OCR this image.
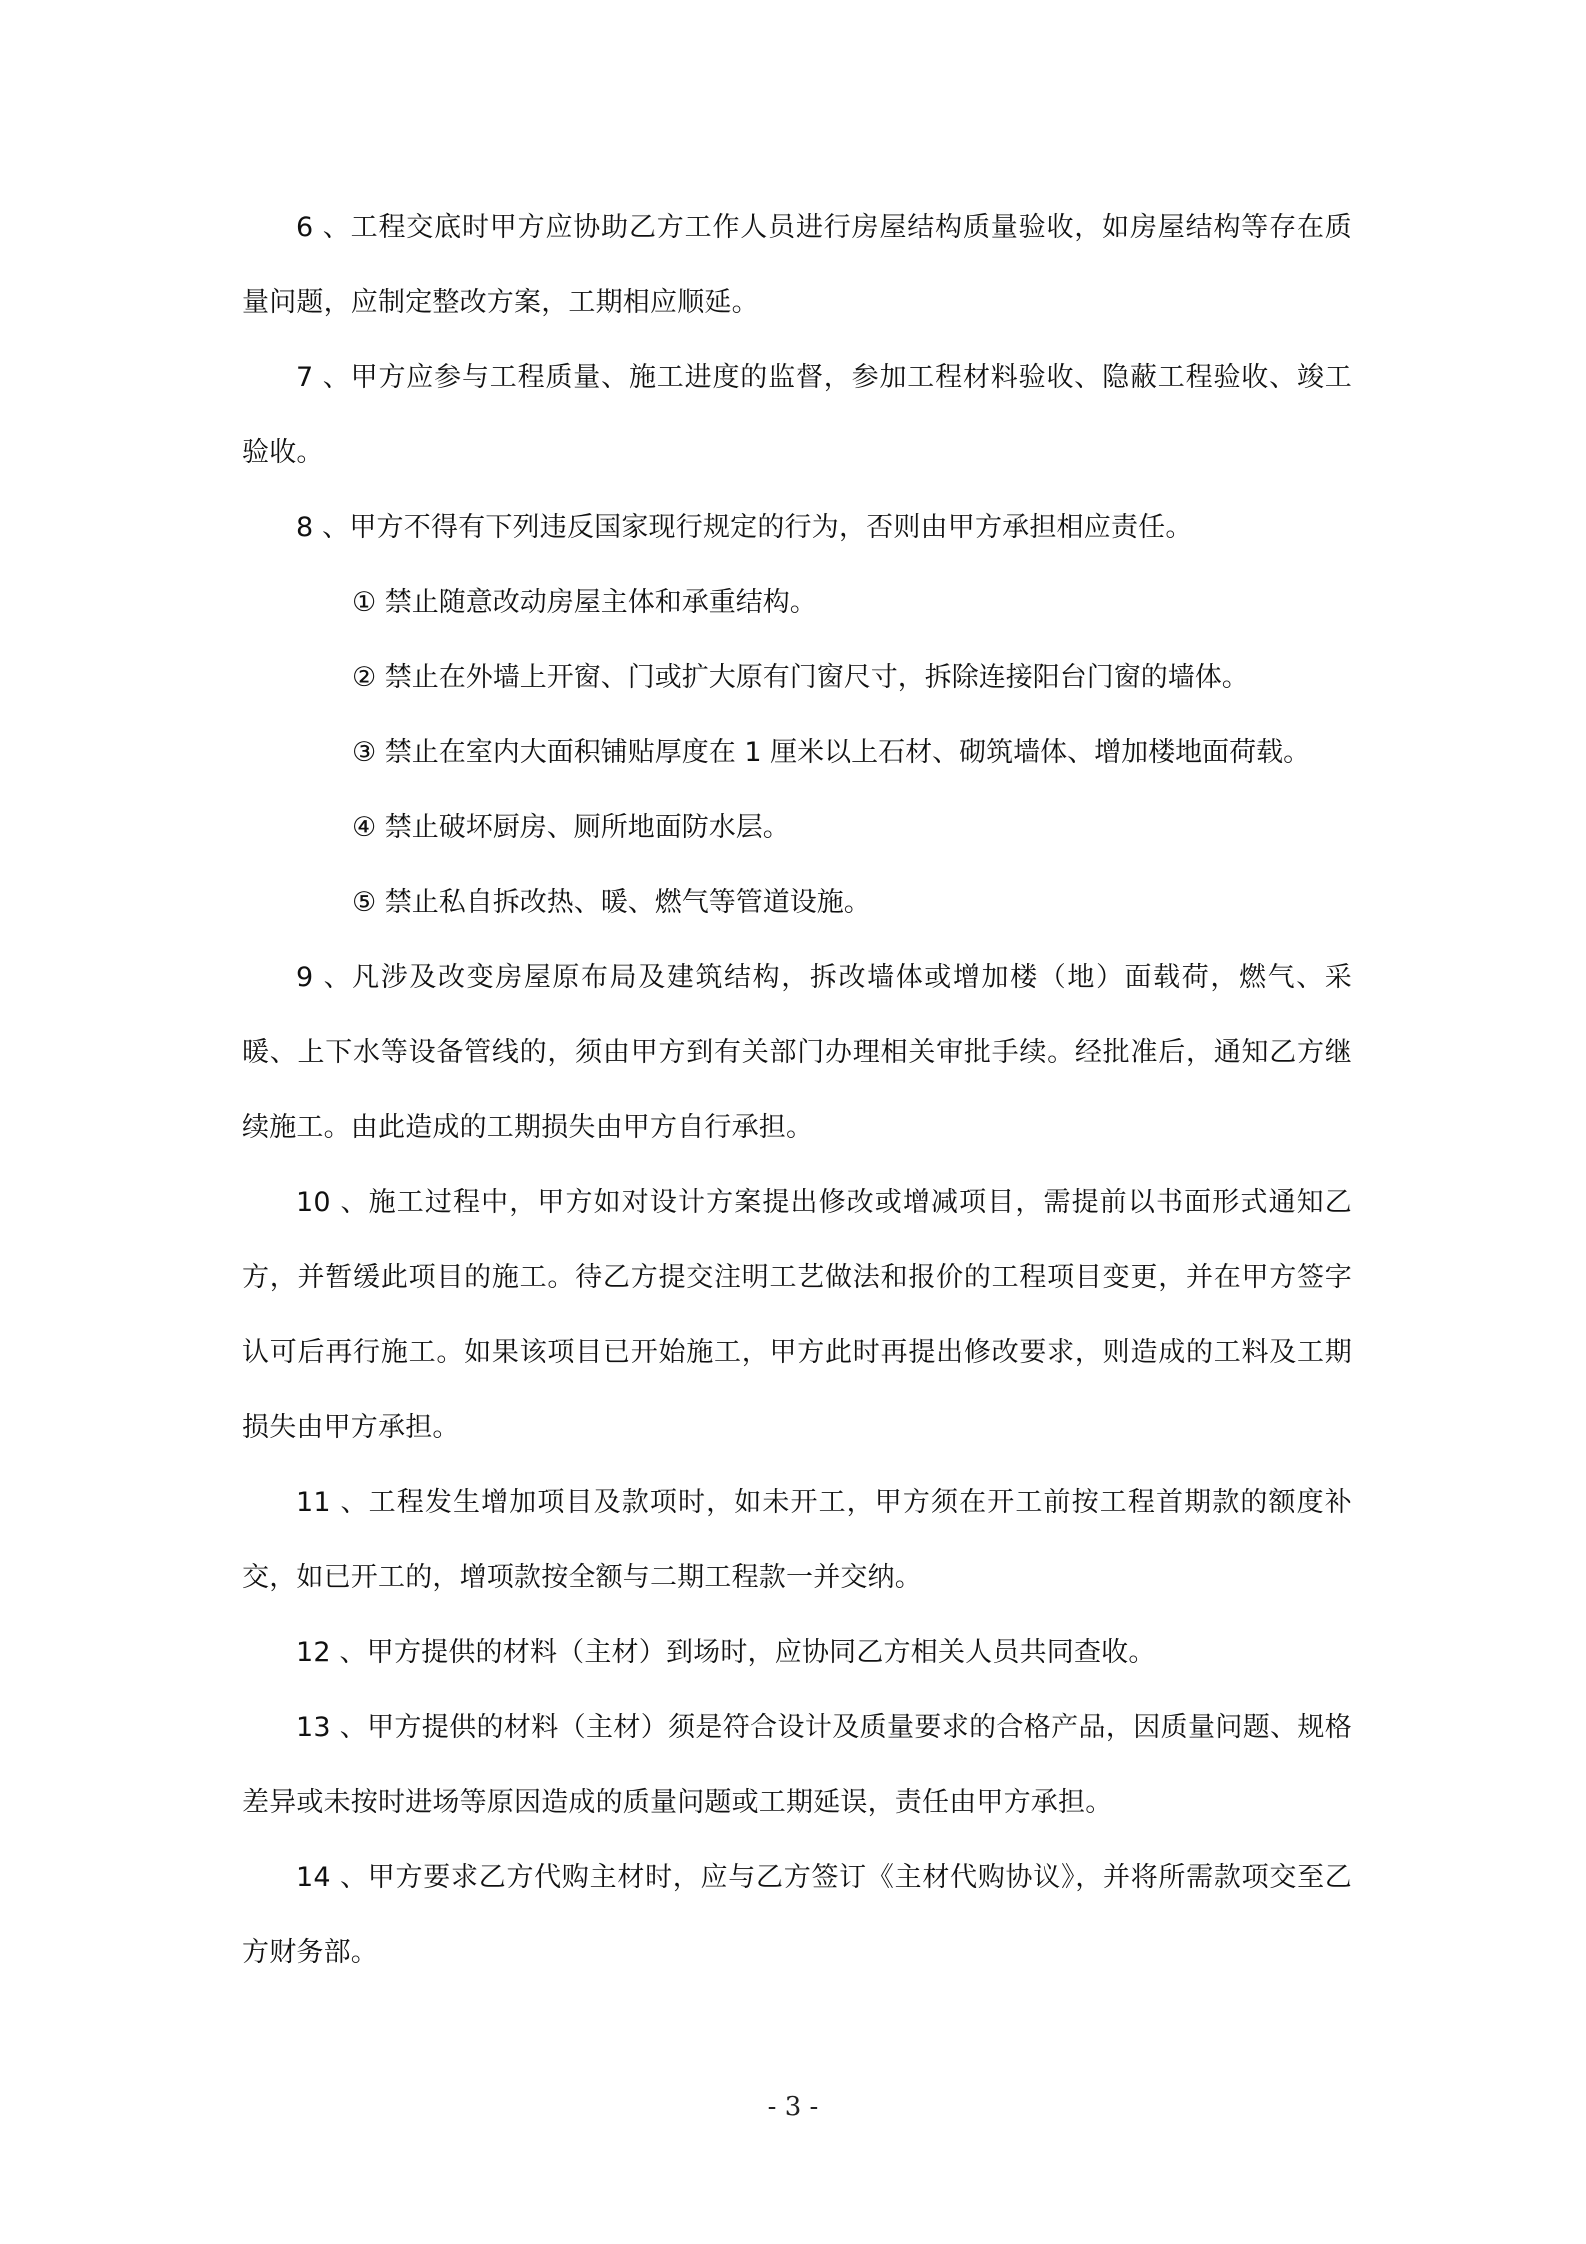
6 、工程交底时甲方应协助乙方工作人员进行房屋结构质量验收，如房屋结构等存在质量问题，应制定整改方案，工期相应顺延。

7 、甲方应参与工程质量、施工进度的监督，参加工程材料验收、隐蔽工程验收、竣工验收。

8 、甲方不得有下列违反国家现行规定的行为，否则由甲方承担相应责任。

① 禁止随意改动房屋主体和承重结构。

② 禁止在外墙上开窗、门或扩大原有门窗尺寸，拆除连接阳台门窗的墙体。

③ 禁止在室内大面积铺贴厚度在 1 厘米以上石材、砌筑墙体、增加楼地面荷载。

④ 禁止破坏厨房、厕所地面防水层。

⑤ 禁止私自拆改热、暖、燃气等管道设施。

9 、凡涉及改变房屋原布局及建筑结构，拆改墙体或增加楼（地）面载荷，燃气、采暖、上下水等设备管线的，须由甲方到有关部门办理相关审批手续。经批准后，通知乙方继续施工。由此造成的工期损失由甲方自行承担。

10 、施工过程中，甲方如对设计方案提出修改或增减项目，需提前以书面形式通知乙方，并暂缓此项目的施工。待乙方提交注明工艺做法和报价的工程项目变更，并在甲方签字认可后再行施工。如果该项目已开始施工，甲方此时再提出修改要求，则造成的工料及工期损失由甲方承担。

11 、工程发生增加项目及款项时，如未开工，甲方须在开工前按工程首期款的额度补交，如已开工的，增项款按全额与二期工程款一并交纳。

12 、甲方提供的材料（主材）到场时，应协同乙方相关人员共同查收。

13 、甲方提供的材料（主材）须是符合设计及质量要求的合格产品，因质量问题、规格差异或未按时进场等原因造成的质量问题或工期延误，责任由甲方承担。

14 、甲方要求乙方代购主材时，应与乙方签订《主材代购协议》，并将所需款项交至乙方财务部。

- 3 -
